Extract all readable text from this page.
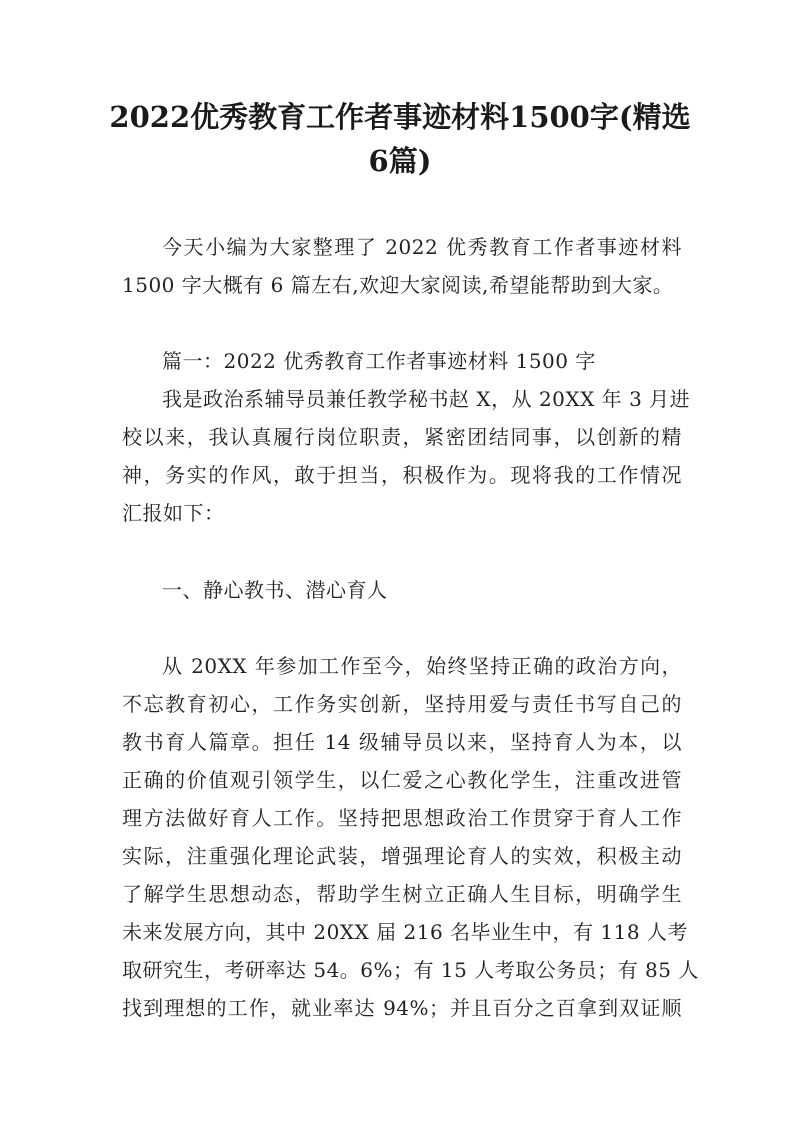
2022优秀教育工作者事迹材料1500字(精选
6篇)
今天小编为大家整理了 2022 优秀教育工作者事迹材料
1500 字大概有 6 篇左右,欢迎大家阅读,希望能帮助到大家。
篇一：2022 优秀教育工作者事迹材料 1500 字
我是政治系辅导员兼任教学秘书赵 X，从 20XX 年 3 月进
校以来，我认真履行岗位职责，紧密团结同事，以创新的精
神，务实的作风，敢于担当，积极作为。现将我的工作情况
汇报如下：
一、静心教书、潜心育人
从 20XX 年参加工作至今，始终坚持正确的政治方向，
不忘教育初心，工作务实创新，坚持用爱与责任书写自己的
教书育人篇章。担任 14 级辅导员以来，坚持育人为本，以
正确的价值观引领学生，以仁爱之心教化学生，注重改进管
理方法做好育人工作。坚持把思想政治工作贯穿于育人工作
实际，注重强化理论武装，增强理论育人的实效，积极主动
了解学生思想动态，帮助学生树立正确人生目标，明确学生
未来发展方向，其中 20XX 届 216 名毕业生中，有 118 人考
取研究生，考研率达 54。6%；有 15 人考取公务员；有 85 人
找到理想的工作，就业率达 94%；并且百分之百拿到双证顺
